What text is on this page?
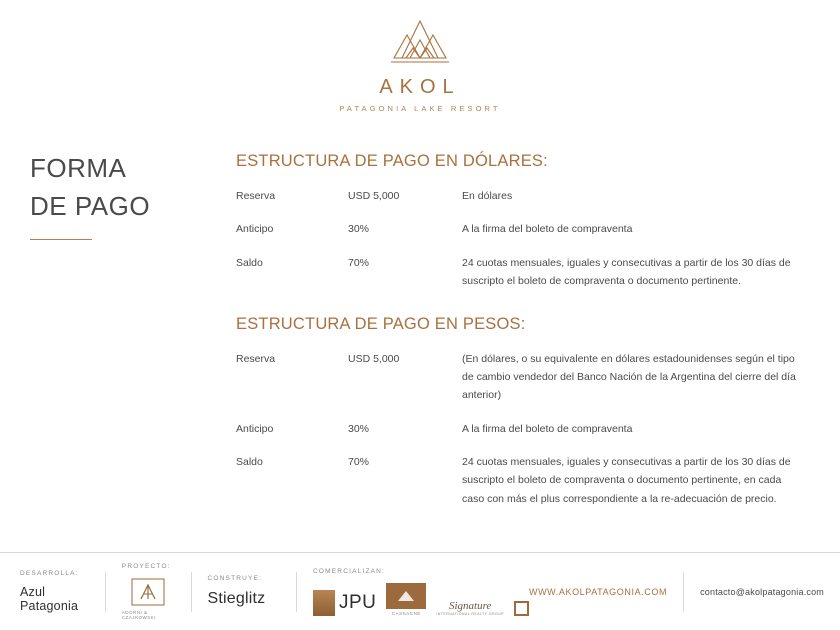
AKOL
PATAGONIA LAKE RESORT
FORMA
DE PAGO
ESTRUCTURA DE PAGO EN DÓLARES:
Reserva	USD 5,000	En dólares
Anticipo	30%	A la firma del boleto de compraventa
Saldo	70%	24 cuotas mensuales, iguales y consecutivas a partir de los 30 días de suscripto el boleto de compraventa o documento pertinente.
ESTRUCTURA DE PAGO EN PESOS:
Reserva	USD 5,000	(En dólares, o su equivalente en dólares estadounidenses según el tipo de cambio vendedor del Banco Nación de la Argentina del cierre del día anterior)
Anticipo	30%	A la firma del boleto de compraventa
Saldo	70%	24 cuotas mensuales, iguales y consecutivas a partir de los 30 días de suscripto el boleto de compraventa o documento pertinente, en cada caso con más el plus correspondiente a la re-adecuación de precio.
DESARROLLA:
Azul Patagonia
PROYECTO:
ADORNI & CZAJKOWSKI
CONSTRUYE:
Stieglitz
COMERCIALIZAN:
JPU
CASSAGNE
Signature
INTERNATIONAL REALTY GROUP
WWW.AKOLPATAGONIA.COM	contacto@akolpatagonia.com
